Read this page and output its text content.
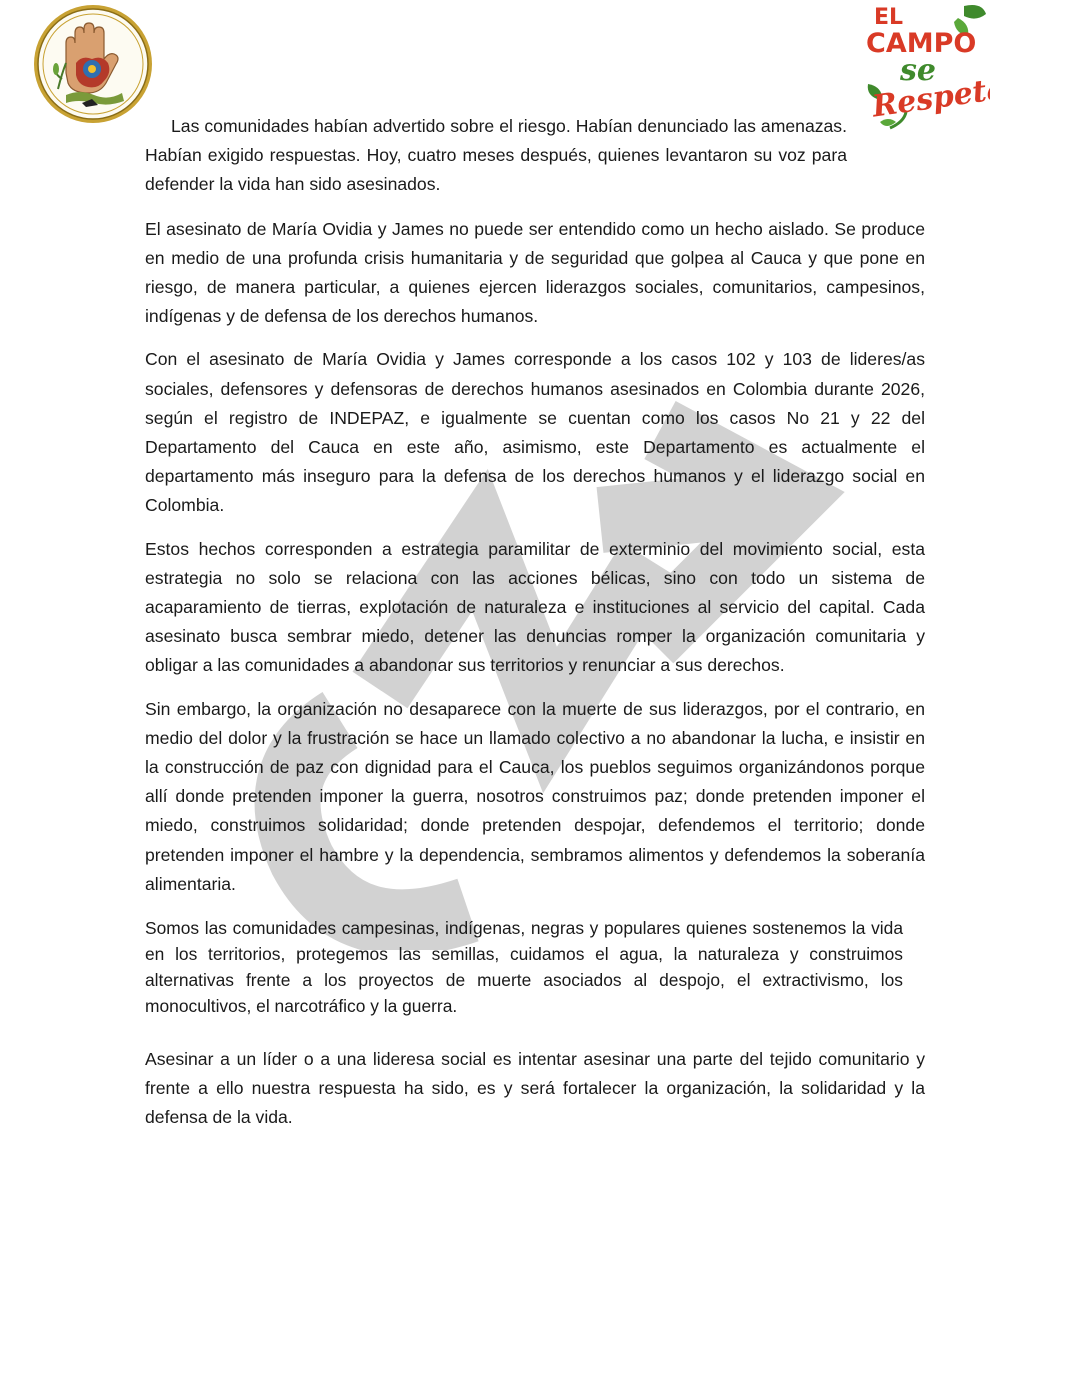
EL
CAMPO
se
Respeta

Las comunidades habían advertido sobre el riesgo. Habían denunciado las amenazas. Habían exigido respuestas. Hoy, cuatro meses después, quienes levantaron su voz para defender la vida han sido asesinados.

El asesinato de María Ovidia y James no puede ser entendido como un hecho aislado. Se produce en medio de una profunda crisis humanitaria y de seguridad que golpea al Cauca y que pone en riesgo, de manera particular, a quienes ejercen liderazgos sociales, comunitarios, campesinos, indígenas y de defensa de los derechos humanos.

Con el asesinato de María Ovidia y James corresponde a los casos 102 y 103 de lideres/as sociales, defensores y defensoras de derechos humanos asesinados en Colombia durante 2026, según el registro de INDEPAZ, e igualmente se cuentan como los casos No 21 y 22 del Departamento del Cauca en este año, asimismo, este Departamento es actualmente el departamento más inseguro para la defensa de los derechos humanos y el liderazgo social en Colombia.

Estos hechos corresponden a estrategia paramilitar de exterminio del movimiento social, esta estrategia no solo se relaciona con las acciones bélicas, sino con todo un sistema de acaparamiento de tierras, explotación de naturaleza e instituciones al servicio del capital. Cada asesinato busca sembrar miedo, detener las denuncias romper la organización comunitaria y obligar a las comunidades a abandonar sus territorios y renunciar a sus derechos.

Sin embargo, la organización no desaparece con la muerte de sus liderazgos, por el contrario, en medio del dolor y la frustración se hace un llamado colectivo a no abandonar la lucha, e insistir en la construcción de paz con dignidad para el Cauca, los pueblos seguimos organizándonos porque allí donde pretenden imponer la guerra, nosotros construimos paz; donde pretenden imponer el miedo, construimos solidaridad; donde pretenden despojar, defendemos el territorio; donde pretenden imponer el hambre y la dependencia, sembramos alimentos y defendemos la soberanía alimentaria.

Somos las comunidades campesinas, indígenas, negras y populares quienes sostenemos la vida en los territorios, protegemos las semillas, cuidamos el agua, la naturaleza y construimos alternativas frente a los proyectos de muerte asociados al despojo, el extractivismo, los monocultivos, el narcotráfico y la guerra.

Asesinar a un líder o a una lideresa social es intentar asesinar una parte del tejido comunitario y frente a ello nuestra respuesta ha sido, es y será fortalecer la organización, la solidaridad y la defensa de la vida.
